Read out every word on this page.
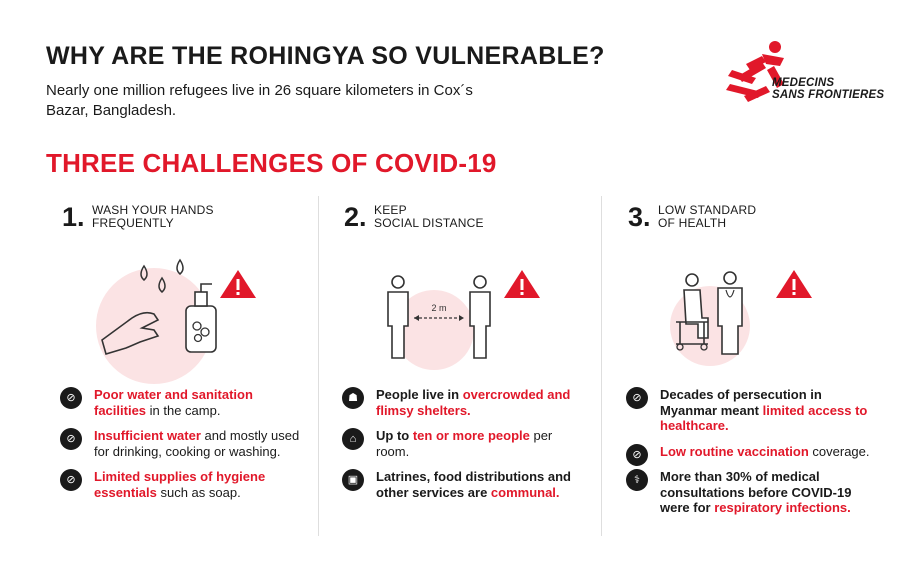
WHY ARE THE ROHINGYA SO VULNERABLE?
Nearly one million refugees live in 26 square kilometers in Cox´s Bazar, Bangladesh.
MEDECINS
SANS FRONTIERES
THREE CHALLENGES OF COVID-19
1. WASH YOUR HANDS
FREQUENTLY
⊘	Poor water and sanitation facilities in the camp.
⊘	Insufficient water and mostly used for drinking, cooking or washing.
⊘	Limited supplies of hygiene essentials such as soap.
2. KEEP
SOCIAL DISTANCE
2 m
☗	People live in overcrowded and flimsy shelters.
⌂	Up to ten or more people per room.
▣	Latrines, food distributions and other services are communal.
3. LOW STANDARD
OF HEALTH
⊘	Decades of persecution in Myanmar meant limited access to healthcare.
⊘	Low routine vaccination coverage.
⚕	More than 30% of medical consultations before COVID-19 were for respiratory infections.
